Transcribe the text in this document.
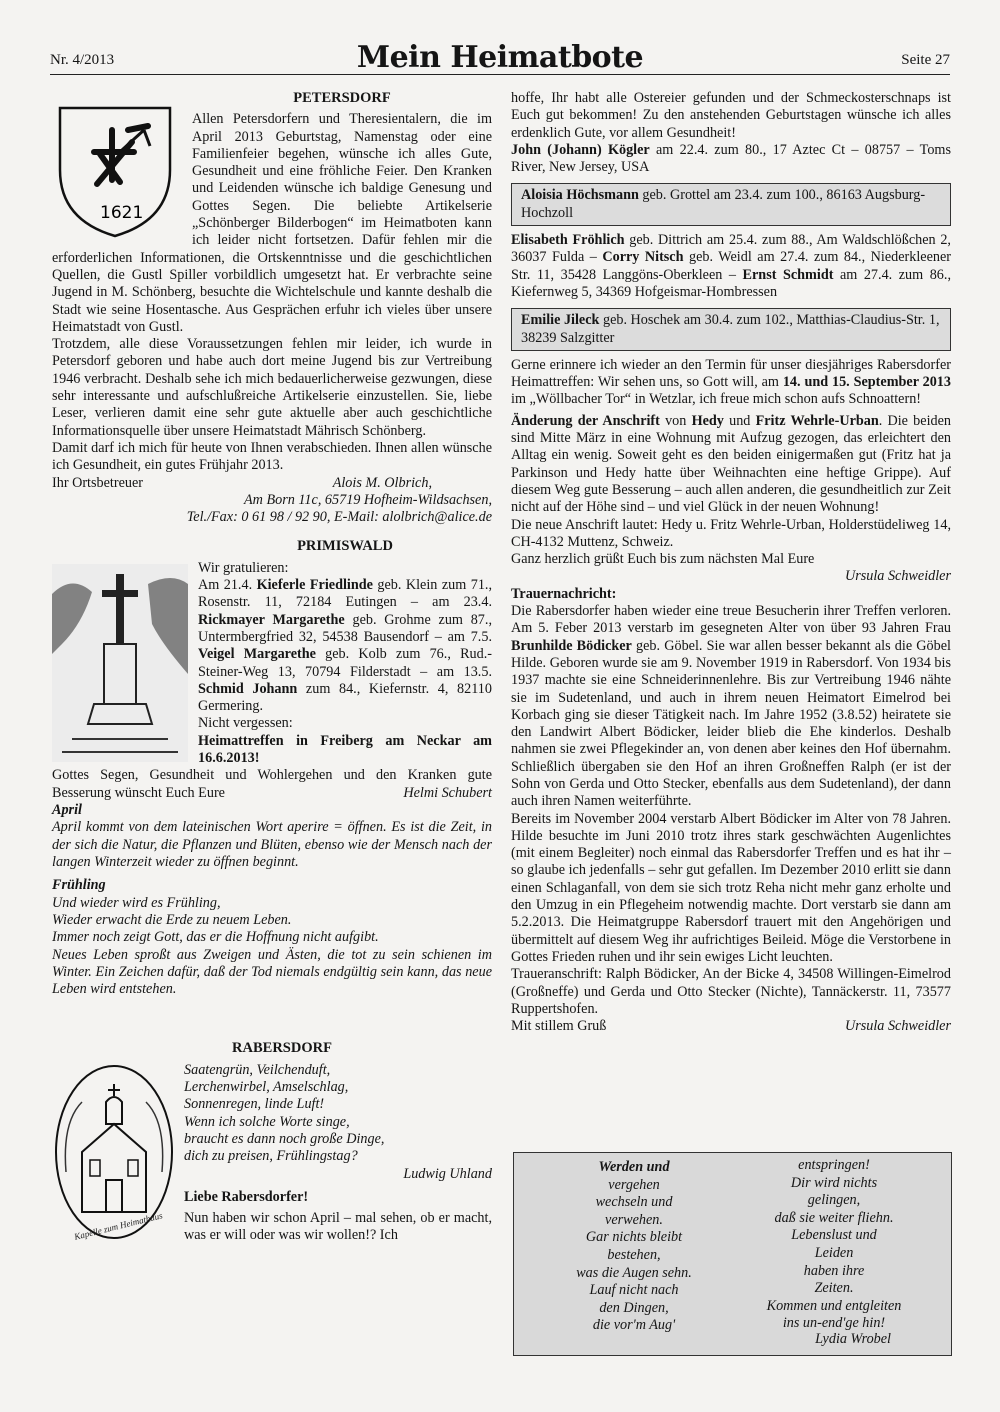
Nr. 4/2013	Mein Heimatbote	Seite 27
1621
PETERSDORF

Allen Petersdorfern und Theresientalern, die im April 2013 Geburtstag, Namenstag oder eine Familienfeier begehen, wünsche ich alles Gute, Gesundheit und eine fröhliche Feier. Den Kranken und Leidenden wünsche ich baldige Genesung und Gottes Segen. Die beliebte Artikelserie „Schönberger Bilderbogen“ im Heimatboten kann ich leider nicht fortsetzen. Dafür fehlen mir die erforderlichen Informationen, die Ortskenntnisse und die geschichtlichen Quellen, die Gustl Spiller vorbildlich umgesetzt hat. Er verbrachte seine Jugend in M. Schönberg, besuchte die Wichtelschule und kannte deshalb die Stadt wie seine Hosentasche. Aus Gesprächen erfuhr ich vieles über unsere Heimatstadt von Gustl.

Trotzdem, alle diese Voraussetzungen fehlen mir leider, ich wurde in Petersdorf geboren und habe auch dort meine Jugend bis zur Vertreibung 1946 verbracht. Deshalb sehe ich mich bedauerlicherweise gezwungen, diese sehr interessante und aufschlußreiche Artikelserie einzustellen. Sie, liebe Leser, verlieren damit eine sehr gute aktuelle aber auch geschichtliche Informationsquelle über unsere Heimatstadt Mährisch Schönberg.

Damit darf ich mich für heute von Ihnen verabschieden. Ihnen allen wünsche ich Gesundheit, ein gutes Frühjahr 2013.

Ihr Ortsbetreuer	Alois M. Olbrich,
Am Born 11c, 65719 Hofheim-Wildsachsen,
Tel./Fax: 0 61 98 / 92 90, E-Mail: alolbrich@alice.de
PRIMISWALD

Wir gratulieren:

Am 21.4. Kieferle Friedlinde geb. Klein zum 71., Rosenstr. 11, 72184 Eutingen – am 23.4. Rickmayer Margarethe geb. Grohme zum 87., Untermbergfried 32, 54538 Bausendorf – am 7.5. Veigel Margarethe geb. Kolb zum 76., Rud.-Steiner-Weg 13, 70794 Filderstadt – am 13.5. Schmid Johann zum 84., Kiefernstr. 4, 82110 Germering.

Nicht vergessen:

Heimattreffen in Freiberg am Neckar am 16.6.2013!

Gottes Segen, Gesundheit und Wohlergehen und den Kranken gute Besserung wünscht Euch Eure	Helmi Schubert

April

April kommt von dem lateinischen Wort aperire = öffnen. Es ist die Zeit, in der sich die Natur, die Pflanzen und Blüten, ebenso wie der Mensch nach der langen Winterzeit wieder zu öffnen beginnt.

Frühling

Und wieder wird es Frühling,

Wieder erwacht die Erde zu neuem Leben.

Immer noch zeigt Gott, das er die Hoffnung nicht aufgibt.

Neues Leben sproßt aus Zweigen und Ästen, die tot zu sein schienen im Winter. Ein Zeichen dafür, daß der Tod niemals endgültig sein kann, das neue Leben wird entstehen.

RABERSDORF
Kapelle zum Heimathaus
Saatengrün, Veilchenduft,
Lerchenwirbel, Amselschlag,
Sonnenregen, linde Luft!
Wenn ich solche Worte singe,
braucht es dann noch große Dinge,
dich zu preisen, Frühlingstag?
Ludwig Uhland

Liebe Rabersdorfer!

Nun haben wir schon April – mal sehen, ob er macht, was er will oder was wir wollen!? Ich

hoffe, Ihr habt alle Ostereier gefunden und der Schmeckosterschnaps ist Euch gut bekommen! Zu den anstehenden Geburtstagen wünsche ich alles erdenklich Gute, vor allem Gesundheit!

John (Johann) Kögler am 22.4. zum 80., 17 Aztec Ct – 08757 – Toms River, New Jersey, USA

Aloisia Höchsmann geb. Grottel am 23.4. zum 100., 86163 Augsburg-Hochzoll

Elisabeth Fröhlich geb. Dittrich am 25.4. zum 88., Am Waldschlößchen 2, 36037 Fulda – Corry Nitsch geb. Weidl am 27.4. zum 84., Niederkleener Str. 11, 35428 Langgöns-Oberkleen – Ernst Schmidt am 27.4. zum 86., Kiefernweg 5, 34369 Hofgeismar-Hombressen

Emilie Jileck geb. Hoschek am 30.4. zum 102., Matthias-Claudius-Str. 1, 38239 Salzgitter

Gerne erinnere ich wieder an den Termin für unser diesjähriges Rabersdorfer Heimattreffen: Wir sehen uns, so Gott will, am 14. und 15. September 2013 im „Wöllbacher Tor“ in Wetzlar, ich freue mich schon aufs Schnoattern!

Änderung der Anschrift von Hedy und Fritz Wehrle-Urban. Die beiden sind Mitte März in eine Wohnung mit Aufzug gezogen, das erleichtert den Alltag ein wenig. Soweit geht es den beiden einigermaßen gut (Fritz hat ja Parkinson und Hedy hatte über Weihnachten eine heftige Grippe). Auf diesem Weg gute Besserung – auch allen anderen, die gesundheitlich zur Zeit nicht auf der Höhe sind – und viel Glück in der neuen Wohnung!

Die neue Anschrift lautet: Hedy u. Fritz Wehrle-Urban, Holderstüdeliweg 14, CH-4132 Muttenz, Schweiz.

Ganz herzlich grüßt Euch bis zum nächsten Mal Eure

Ursula Schweidler

Trauernachricht:

Die Rabersdorfer haben wieder eine treue Besucherin ihrer Treffen verloren. Am 5. Feber 2013 verstarb im gesegneten Alter von über 93 Jahren Frau Brunhilde Bödicker geb. Göbel. Sie war allen besser bekannt als die Göbel Hilde. Geboren wurde sie am 9. November 1919 in Rabersdorf. Von 1934 bis 1937 machte sie eine Schneiderinnenlehre. Bis zur Vertreibung 1946 nähte sie im Sudetenland, und auch in ihrem neuen Heimatort Eimelrod bei Korbach ging sie dieser Tätigkeit nach. Im Jahre 1952 (3.8.52) heiratete sie den Landwirt Albert Bödicker, leider blieb die Ehe kinderlos. Deshalb nahmen sie zwei Pflegekinder an, von denen aber keines den Hof übernahm. Schließlich übergaben sie den Hof an ihren Großneffen Ralph (er ist der Sohn von Gerda und Otto Stecker, ebenfalls aus dem Sudetenland), der dann auch ihren Namen weiterführte.

Bereits im November 2004 verstarb Albert Bödicker im Alter von 78 Jahren. Hilde besuchte im Juni 2010 trotz ihres stark geschwächten Augenlichtes (mit einem Begleiter) noch einmal das Rabersdorfer Treffen und es hat ihr – so glaube ich jedenfalls – sehr gut gefallen. Im Dezember 2010 erlitt sie dann einen Schlaganfall, von dem sie sich trotz Reha nicht mehr ganz erholte und den Umzug in ein Pflegeheim notwendig machte. Dort verstarb sie dann am 5.2.2013. Die Heimatgruppe Rabersdorf trauert mit den Angehörigen und übermittelt auf diesem Weg ihr aufrichtiges Beileid. Möge die Verstorbene in Gottes Frieden ruhen und ihr sein ewiges Licht leuchten.

Traueranschrift: Ralph Bödicker, An der Bicke 4, 34508 Willingen-Eimelrod (Großneffe) und Gerda und Otto Stecker (Nichte), Tannäckerstr. 11, 73577 Ruppertshofen.

Mit stillem Gruß	Ursula Schweidler
Werden und
vergehen
wechseln und
verwehen.
Gar nichts bleibt
bestehen,
was die Augen sehn.
Lauf nicht nach
den Dingen,
die vor'm Aug'
entspringen!
Dir wird nichts
gelingen,
daß sie weiter fliehn.
Lebenslust und
Leiden
haben ihre
Zeiten.
Kommen und entgleiten
ins un-end'ge hin!
Lydia Wrobel
